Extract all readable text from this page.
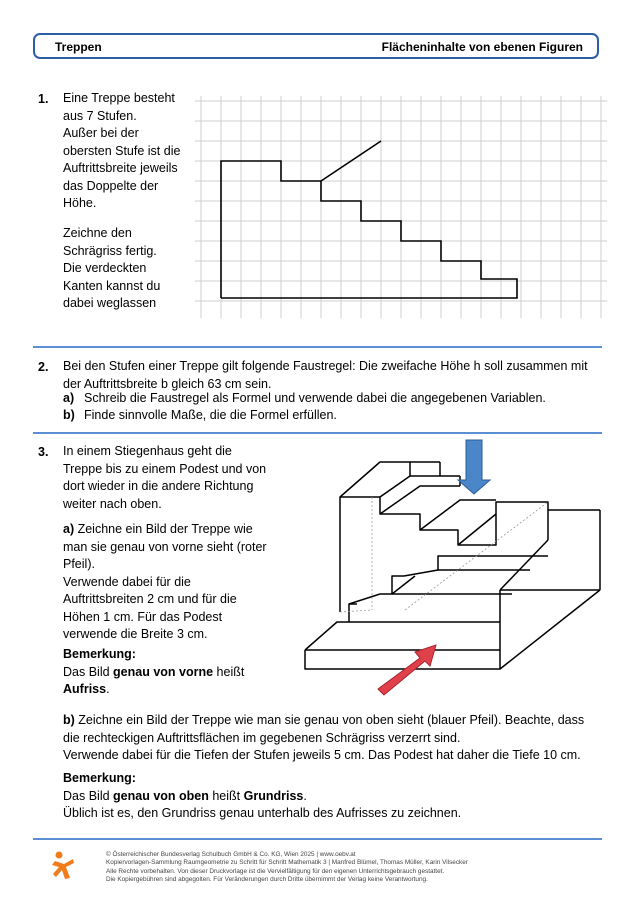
Treppen	Flächeninhalte von ebenen Figuren
1. Eine Treppe besteht
aus 7 Stufen.
Außer bei der
obersten Stufe ist die
Auftrittsbreite jeweils
das Doppelte der
Höhe.
Zeichne den
Schrägriss fertig.
Die verdeckten
Kanten kannst du
dabei weglassen
2. Bei den Stufen einer Treppe gilt folgende Faustregel: Die zweifache Höhe h soll zusammen mit
der Auftrittsbreite b gleich 63 cm sein.
a) Schreib die Faustregel als Formel und verwende dabei die angegebenen Variablen.
b) Finde sinnvolle Maße, die die Formel erfüllen.
3. In einem Stiegenhaus geht die
Treppe bis zu einem Podest und von
dort wieder in die andere Richtung
weiter nach oben.
a) Zeichne ein Bild der Treppe wie
man sie genau von vorne sieht (roter
Pfeil).
Verwende dabei für die
Auftrittsbreiten 2 cm und für die
Höhen 1 cm. Für das Podest
verwende die Breite 3 cm.
Bemerkung:
Das Bild genau von vorne heißt
Aufriss.
b) Zeichne ein Bild der Treppe wie man sie genau von oben sieht (blauer Pfeil). Beachte, dass
die rechteckigen Auftrittsflächen im gegebenen Schrägriss verzerrt sind.
Verwende dabei für die Tiefen der Stufen jeweils 5 cm. Das Podest hat daher die Tiefe 10 cm.
Bemerkung:
Das Bild genau von oben heißt Grundriss.
Üblich ist es, den Grundriss genau unterhalb des Aufrisses zu zeichnen.
© Österreichischer Bundesverlag Schulbuch GmbH & Co. KG, Wien 2025 | www.oebv.at
Kopiervorlagen-Sammlung Raumgeometrie zu Schritt für Schritt Mathematik 3 | Manfred Blümel, Thomas Müller, Karin Vilsecker
Alle Rechte vorbehalten. Von dieser Druckvorlage ist die Vervielfältigung für den eigenen Unterrichtsgebrauch gestattet.
Die Kopiergebühren sind abgegolten. Für Veränderungen durch Dritte übernimmt der Verlag keine Verantwortung.
